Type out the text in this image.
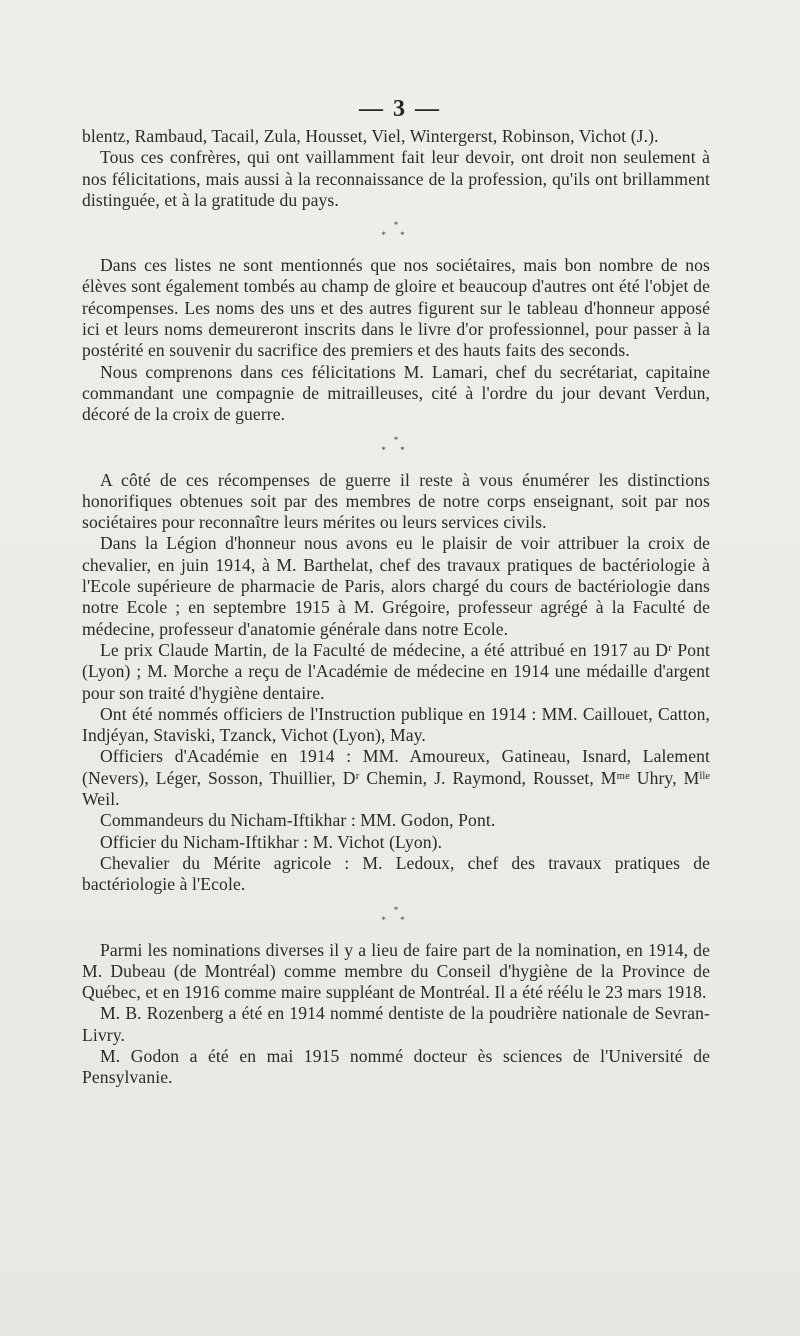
— 3 —

blentz, Rambaud, Tacail, Zula, Housset, Viel, Wintergerst, Robinson, Vichot (J.).

Tous ces confrères, qui ont vaillamment fait leur devoir, ont droit non seulement à nos félicitations, mais aussi à la reconnaissance de la profession, qu'ils ont brillamment distinguée, et à la gratitude du pays.

*
* *

Dans ces listes ne sont mentionnés que nos sociétaires, mais bon nombre de nos élèves sont également tombés au champ de gloire et beaucoup d'autres ont été l'objet de récompenses. Les noms des uns et des autres figurent sur le tableau d'honneur apposé ici et leurs noms demeureront inscrits dans le livre d'or professionnel, pour passer à la postérité en souvenir du sacrifice des premiers et des hauts faits des seconds.

Nous comprenons dans ces félicitations M. Lamari, chef du secrétariat, capitaine commandant une compagnie de mitrailleuses, cité à l'ordre du jour devant Verdun, décoré de la croix de guerre.

*
* *

A côté de ces récompenses de guerre il reste à vous énumérer les distinctions honorifiques obtenues soit par des membres de notre corps enseignant, soit par nos sociétaires pour reconnaître leurs mérites ou leurs services civils.

Dans la Légion d'honneur nous avons eu le plaisir de voir attribuer la croix de chevalier, en juin 1914, à M. Barthelat, chef des travaux pratiques de bactériologie à l'Ecole supérieure de pharmacie de Paris, alors chargé du cours de bactériologie dans notre Ecole ; en septembre 1915 à M. Grégoire, professeur agrégé à la Faculté de médecine, professeur d'anatomie générale dans notre Ecole.

Le prix Claude Martin, de la Faculté de médecine, a été attribué en 1917 au Dʳ Pont (Lyon) ; M. Morche a reçu de l'Académie de médecine en 1914 une médaille d'argent pour son traité d'hygiène dentaire.

Ont été nommés officiers de l'Instruction publique en 1914 : MM. Caillouet, Catton, Indjéyan, Staviski, Tzanck, Vichot (Lyon), May.

Officiers d'Académie en 1914 : MM. Amoureux, Gatineau, Isnard, Lalement (Nevers), Léger, Sosson, Thuillier, Dʳ Chemin, J. Raymond, Rousset, Mᵐᵉ Uhry, Mˡˡᵉ Weil.

Commandeurs du Nicham-Iftikhar : MM. Godon, Pont.

Officier du Nicham-Iftikhar : M. Vichot (Lyon).

Chevalier du Mérite agricole : M. Ledoux, chef des travaux pratiques de bactériologie à l'Ecole.

*
* *

Parmi les nominations diverses il y a lieu de faire part de la nomination, en 1914, de M. Dubeau (de Montréal) comme membre du Conseil d'hygiène de la Province de Québec, et en 1916 comme maire suppléant de Montréal. Il a été réélu le 23 mars 1918.

M. B. Rozenberg a été en 1914 nommé dentiste de la poudrière nationale de Sevran-Livry.

M. Godon a été en mai 1915 nommé docteur ès sciences de l'Université de Pensylvanie.
